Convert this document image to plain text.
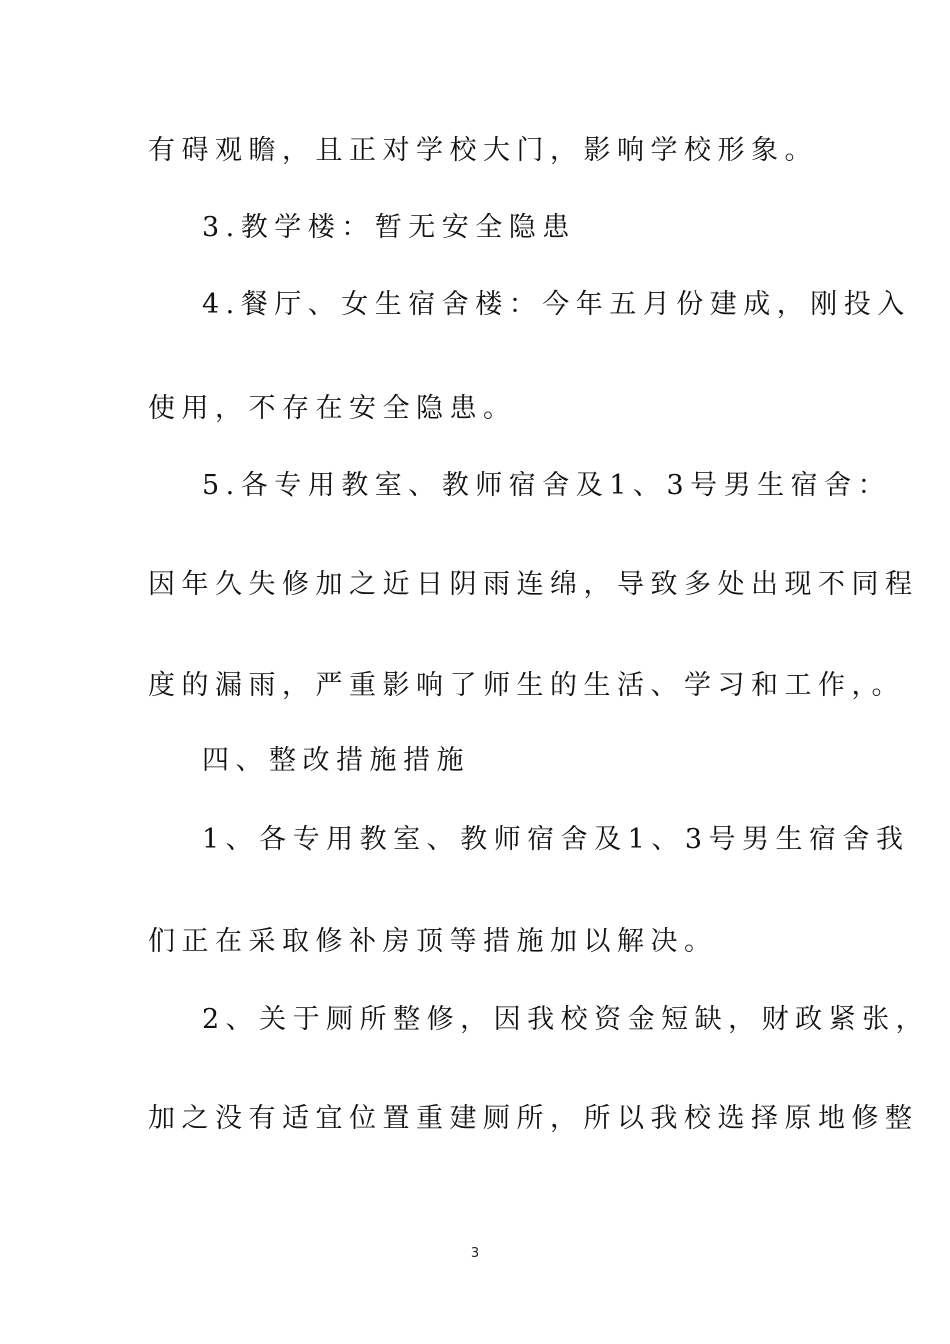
有碍观瞻，且正对学校大门，影响学校形象。

3.教学楼：暂无安全隐患

4.餐厅、女生宿舍楼：今年五月份建成，刚投入

使用，不存在安全隐患。

5.各专用教室、教师宿舍及1、3号男生宿舍：

因年久失修加之近日阴雨连绵，导致多处出现不同程

度的漏雨，严重影响了师生的生活、学习和工作，。

四、整改措施措施

1、各专用教室、教师宿舍及1、3号男生宿舍我

们正在采取修补房顶等措施加以解决。

2、关于厕所整修，因我校资金短缺，财政紧张，

加之没有适宜位置重建厕所，所以我校选择原地修整

3
